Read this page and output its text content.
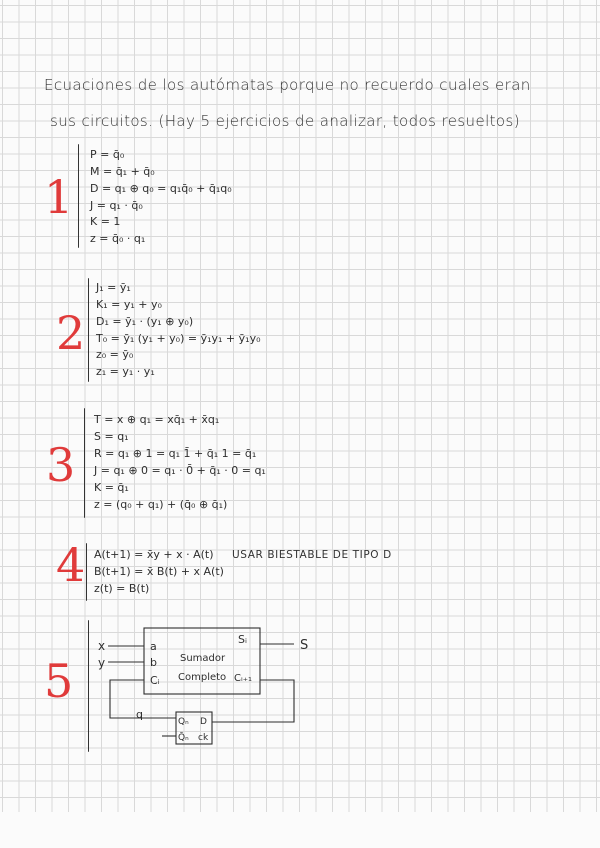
Ecuaciones de los autómatas porque no recuerdo cuales eran
sus circuitos. (Hay 5 ejercicios de analizar, todos resueltos)
1
P = q̄₀
M = q̄₁ + q̄₀
D = q₁ ⊕ q₀ = q₁q̄₀ + q̄₁q₀
J = q₁ · q̄₀
K = 1
z = q̄₀ · q₁
2
J₁ = ȳ₁
K₁ = y₁ + y₀
D₁ = ȳ₁ · (y₁ ⊕ y₀)
T₀ = ȳ₁ (y₁ + y₀) = ȳ₁y₁ + ȳ₁y₀
z₀ = ȳ₀
z₁ = y₁ · y₁
3
T = x ⊕ q₁ = xq̄₁ + x̄q₁
S = q₁
R = q₁ ⊕ 1 = q₁ 1̄ + q̄₁ 1 = q̄₁
J = q₁ ⊕ 0 = q₁ · 0̄ + q̄₁ · 0 = q₁
K = q̄₁
z = (q₀ + q₁) + (q̄₀ ⊕ q̄₁)
4 A(t+1) = x̄y + x · A(t)
B(t+1) = x̄ B(t) + x A(t)
z(t) = B(t)
USAR BIESTABLE DE TIPO D
5
x
y
a
b
Cᵢ
Sᵢ
Cᵢ₊₁
Sumador
Completo
S
q
Qₙ
Q̄ₙ
D
ck
